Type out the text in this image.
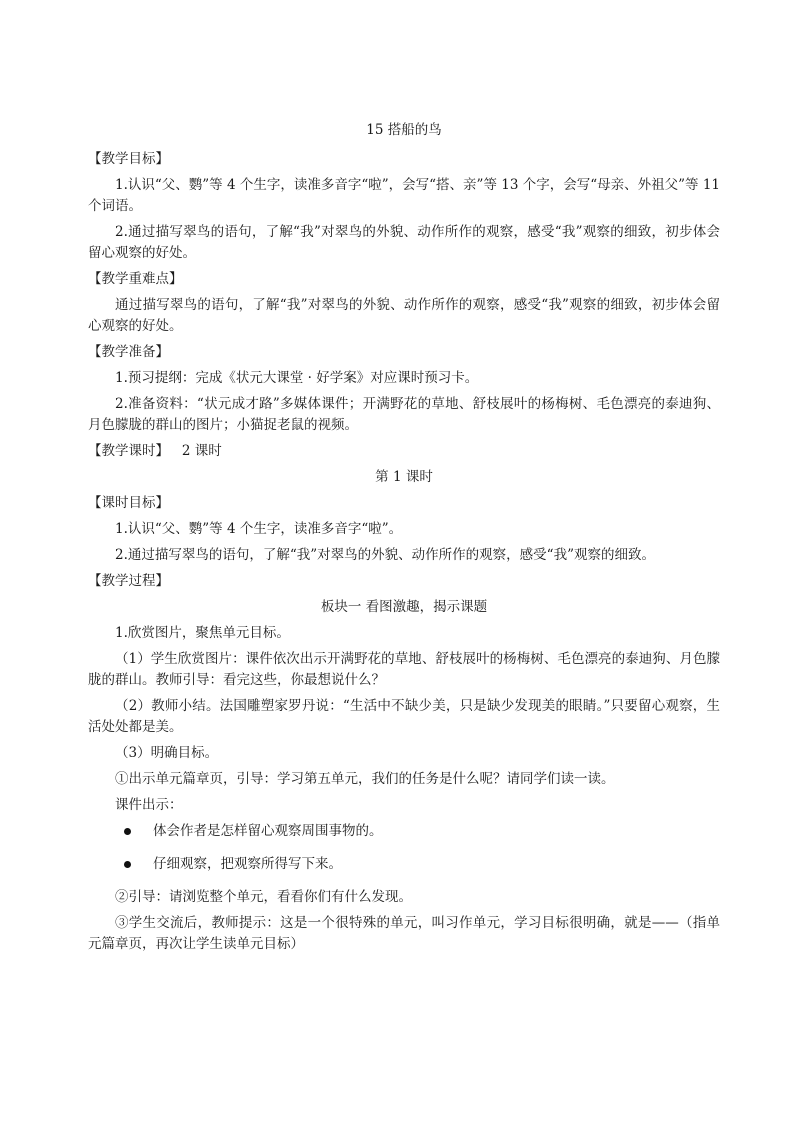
15 搭船的鸟
【教学目标】
1.认识“父、鹦”等 4 个生字，读准多音字“啦”，会写“搭、亲”等 13 个字，会写“母亲、外祖父”等 11 个词语。
2.通过描写翠鸟的语句，了解“我”对翠鸟的外貌、动作所作的观察，感受“我”观察的细致，初步体会留心观察的好处。
【教学重难点】
通过描写翠鸟的语句，了解“我”对翠鸟的外貌、动作所作的观察，感受“我”观察的细致，初步体会留心观察的好处。
【教学准备】
1.预习提纲：完成《状元大课堂 · 好学案》对应课时预习卡。
2.准备资料：“状元成才路”多媒体课件；开满野花的草地、舒枝展叶的杨梅树、毛色漂亮的泰迪狗、月色朦胧的群山的图片；小猫捉老鼠的视频。
【教学课时】 2 课时
第 1 课时
【课时目标】
1.认识“父、鹦”等 4 个生字，读准多音字“啦”。
2.通过描写翠鸟的语句，了解“我”对翠鸟的外貌、动作所作的观察，感受“我”观察的细致。
【教学过程】
板块一 看图激趣，揭示课题
1.欣赏图片，聚焦单元目标。
（1）学生欣赏图片：课件依次出示开满野花的草地、舒枝展叶的杨梅树、毛色漂亮的泰迪狗、月色朦胧的群山。教师引导：看完这些，你最想说什么？
（2）教师小结。法国雕塑家罗丹说：“生活中不缺少美，只是缺少发现美的眼睛。”只要留心观察，生活处处都是美。
（3）明确目标。
①出示单元篇章页，引导：学习第五单元，我们的任务是什么呢？请同学们读一读。
课件出示：
体会作者是怎样留心观察周围事物的。
仔细观察，把观察所得写下来。
②引导：请浏览整个单元，看看你们有什么发现。
③学生交流后，教师提示：这是一个很特殊的单元，叫习作单元，学习目标很明确，就是——（指单元篇章页，再次让学生读单元目标）
